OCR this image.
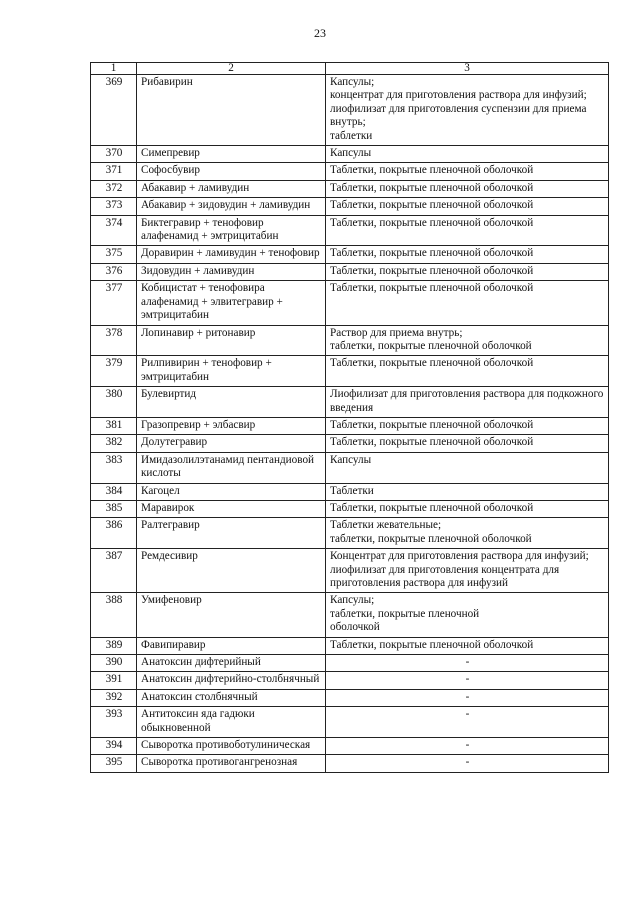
23
1	2	3
369	Рибавирин	Капсулы;
концентрат для приготовления раствора для инфузий;
лиофилизат для приготовления суспензии для приема внутрь;
таблетки
370	Симепревир	Капсулы
371	Софосбувир	Таблетки, покрытые пленочной оболочкой
372	Абакавир + ламивудин	Таблетки, покрытые пленочной оболочкой
373	Абакавир + зидовудин + ламивудин	Таблетки, покрытые пленочной оболочкой
374	Биктегравир + тенофовир алафенамид + эмтрицитабин	Таблетки, покрытые пленочной оболочкой
375	Доравирин + ламивудин + тенофовир	Таблетки, покрытые пленочной оболочкой
376	Зидовудин + ламивудин	Таблетки, покрытые пленочной оболочкой
377	Кобицистат + тенофовира алафенамид + элвитегравир + эмтрицитабин	Таблетки, покрытые пленочной оболочкой
378	Лопинавир + ритонавир	Раствор для приема внутрь;
таблетки, покрытые пленочной оболочкой
379	Рилпивирин + тенофовир + эмтрицитабин	Таблетки, покрытые пленочной оболочкой
380	Булевиртид	Лиофилизат для приготовления раствора для подкожного введения
381	Гразопревир + элбасвир	Таблетки, покрытые пленочной оболочкой
382	Долутегравир	Таблетки, покрытые пленочной оболочкой
383	Имидазолилэтанамид пентандиовой кислоты	Капсулы
384	Кагоцел	Таблетки
385	Маравирок	Таблетки, покрытые пленочной оболочкой
386	Ралтегравир	Таблетки жевательные;
таблетки, покрытые пленочной оболочкой
387	Ремдесивир	Концентрат для приготовления раствора для инфузий; лиофилизат для приготовления концентрата для приготовления раствора для инфузий
388	Умифеновир	Капсулы;
таблетки, покрытые пленочной
оболочкой
389	Фавипиравир	Таблетки, покрытые пленочной оболочкой
390	Анатоксин дифтерийный	-
391	Анатоксин дифтерийно-столбнячный	-
392	Анатоксин столбнячный	-
393	Антитоксин яда гадюки обыкновенной	-
394	Сыворотка противоботулиническая	-
395	Сыворотка противогангренозная	-
